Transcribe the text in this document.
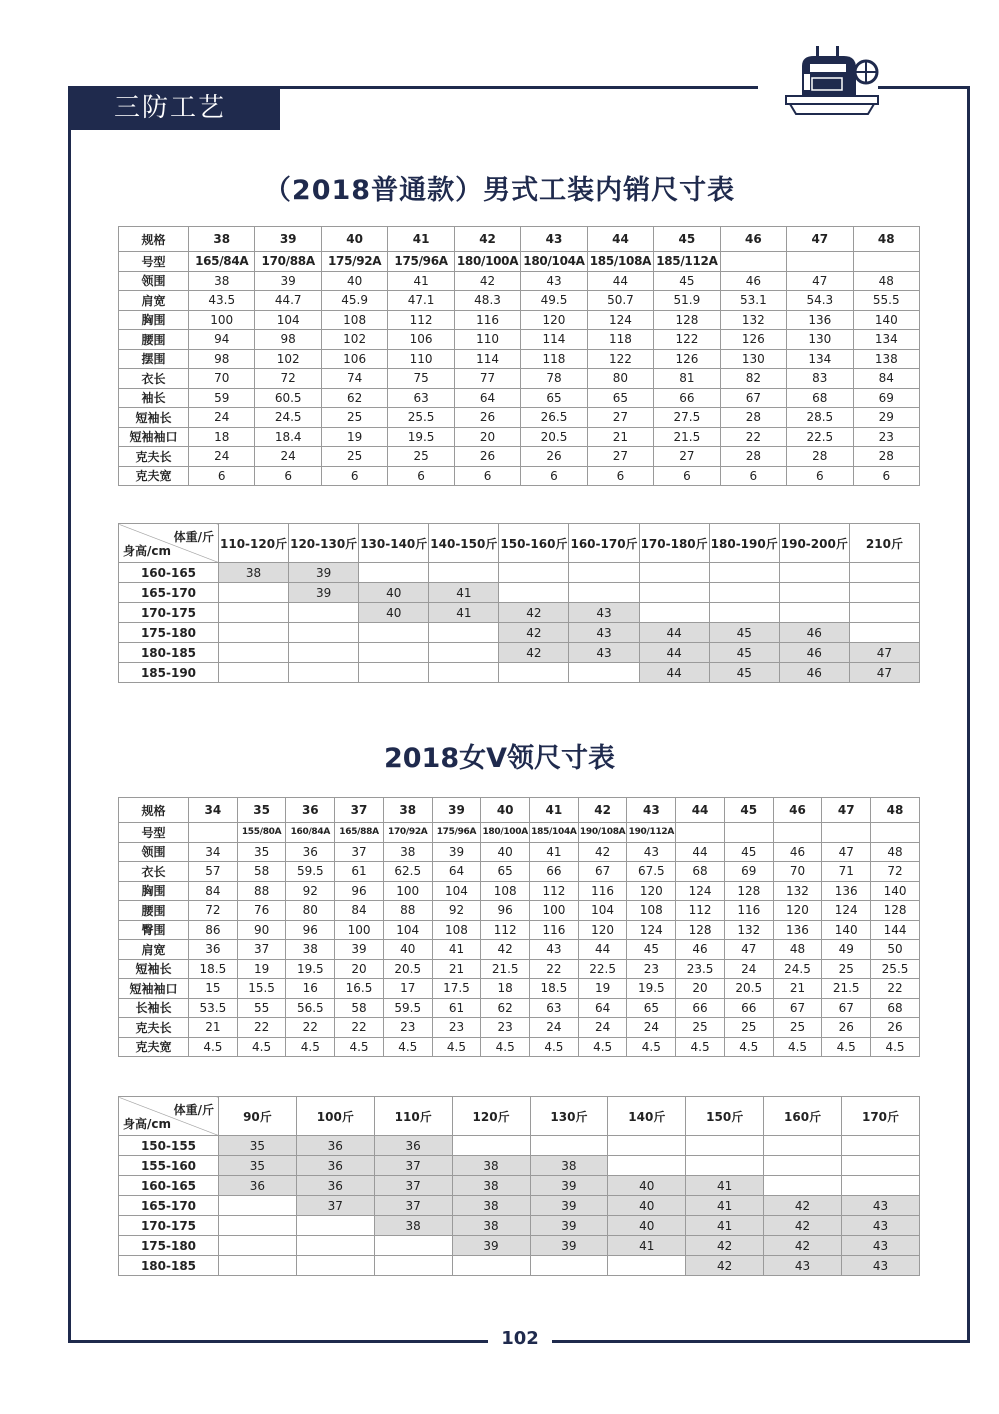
三防工艺
（2018普通款）男式工装内销尺寸表
规格	38	39	40	41	42	43	44	45	46	47	48
号型	165/84A	170/88A	175/92A	175/96A	180/100A	180/104A	185/108A	185/112A			
领围	38	39	40	41	42	43	44	45	46	47	48
肩宽	43.5	44.7	45.9	47.1	48.3	49.5	50.7	51.9	53.1	54.3	55.5
胸围	100	104	108	112	116	120	124	128	132	136	140
腰围	94	98	102	106	110	114	118	122	126	130	134
摆围	98	102	106	110	114	118	122	126	130	134	138
衣长	70	72	74	75	77	78	80	81	82	83	84
袖长	59	60.5	62	63	64	65	65	66	67	68	69
短袖长	24	24.5	25	25.5	26	26.5	27	27.5	28	28.5	29
短袖袖口	18	18.4	19	19.5	20	20.5	21	21.5	22	22.5	23
克夫长	24	24	25	25	26	26	27	27	28	28	28
克夫宽	6	6	6	6	6	6	6	6	6	6	6
体重/斤
身高/cm	110-120斤	120-130斤	130-140斤	140-150斤	150-160斤	160-170斤	170-180斤	180-190斤	190-200斤	210斤
160-165	38	39								
165-170		39	40	41						
170-175			40	41	42	43				
175-180					42	43	44	45	46	
180-185					42	43	44	45	46	47
185-190							44	45	46	47
2018女V领尺寸表
规格	34	35	36	37	38	39	40	41	42	43	44	45	46	47	48
号型		155/80A	160/84A	165/88A	170/92A	175/96A	180/100A	185/104A	190/108A	190/112A					
领围	34	35	36	37	38	39	40	41	42	43	44	45	46	47	48
衣长	57	58	59.5	61	62.5	64	65	66	67	67.5	68	69	70	71	72
胸围	84	88	92	96	100	104	108	112	116	120	124	128	132	136	140
腰围	72	76	80	84	88	92	96	100	104	108	112	116	120	124	128
臀围	86	90	96	100	104	108	112	116	120	124	128	132	136	140	144
肩宽	36	37	38	39	40	41	42	43	44	45	46	47	48	49	50
短袖长	18.5	19	19.5	20	20.5	21	21.5	22	22.5	23	23.5	24	24.5	25	25.5
短袖袖口	15	15.5	16	16.5	17	17.5	18	18.5	19	19.5	20	20.5	21	21.5	22
长袖长	53.5	55	56.5	58	59.5	61	62	63	64	65	66	66	67	67	68
克夫长	21	22	22	22	23	23	23	24	24	24	25	25	25	26	26
克夫宽	4.5	4.5	4.5	4.5	4.5	4.5	4.5	4.5	4.5	4.5	4.5	4.5	4.5	4.5	4.5
体重/斤
身高/cm	90斤	100斤	110斤	120斤	130斤	140斤	150斤	160斤	170斤
150-155	35	36	36						
155-160	35	36	37	38	38				
160-165	36	36	37	38	39	40	41		
165-170		37	37	38	39	40	41	42	43
170-175			38	38	39	40	41	42	43
175-180				39	39	41	42	42	43
180-185							42	43	43
102
